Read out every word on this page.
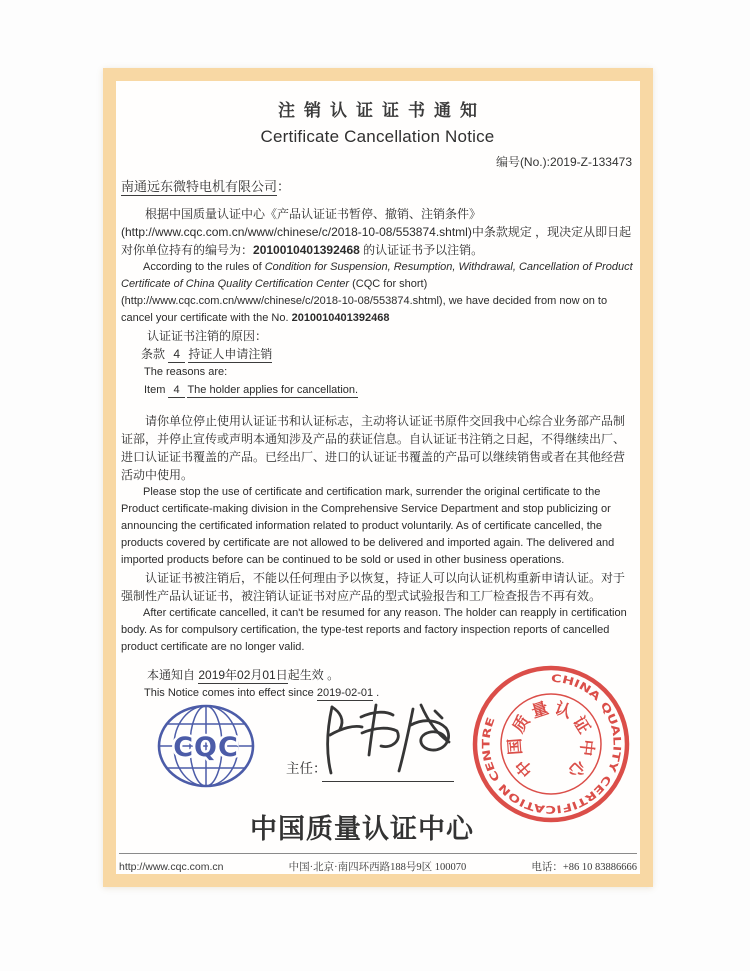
注销认证证书通知
Certificate Cancellation Notice
编号(No.):2019-Z-133473
南通远东微特电机有限公司：

根据中国质量认证中心《产品认证证书暂停、撤销、注销条件》(http://www.cqc.com.cn/www/chinese/c/2018-10-08/553874.shtml)中条款规定 ，现决定从即日起对你单位持有的编号为：2010010401392468 的认证证书予以注销。

According to the rules of Condition for Suspension, Resumption, Withdrawal, Cancellation of Product Certificate of China Quality Certification Center (CQC for short) (http://www.cqc.com.cn/www/chinese/c/2018-10-08/553874.shtml), we have decided from now on to cancel your certificate with the No. 2010010401392468

认证证书注销的原因：
条款 4 持证人申请注销
The reasons are:
Item 4 The holder applies for cancellation.

请你单位停止使用认证证书和认证标志，主动将认证证书原件交回我中心综合业务部产品制证部，并停止宣传或声明本通知涉及产品的获证信息。自认证证书注销之日起，不得继续出厂、进口认证证书覆盖的产品。已经出厂、进口的认证证书覆盖的产品可以继续销售或者在其他经营活动中使用。

Please stop the use of certificate and certification mark, surrender the original certificate to the Product certificate-making division in the Comprehensive Service Department and stop publicizing or announcing the certificated information related to product voluntarily. As of certificate cancelled, the products covered by certificate are not allowed to be delivered and imported again. The delivered and imported products before can be continued to be sold or used in other business operations.

认证证书被注销后，不能以任何理由予以恢复，持证人可以向认证机构重新申请认证。对于强制性产品认证证书，被注销认证证书对应产品的型式试验报告和工厂检查报告不再有效。

After certificate cancelled, it can't be resumed for any reason. The holder can reapply in certification body. As for compulsory certification, the type-test reports and factory inspection reports of cancelled product certificate are no longer valid.

本通知自 2019年02月01日起生效 。
This Notice comes into effect since 2019-02-01 .
CQC
主任：
CHINA QUALITY CERTIFICATION CENTRE
中
国
质
量 认
证
中
心
中国质量认证中心
http://www.cqc.com.cn	中国·北京·南四环西路188号9区 100070	电话：+86 10 83886666
